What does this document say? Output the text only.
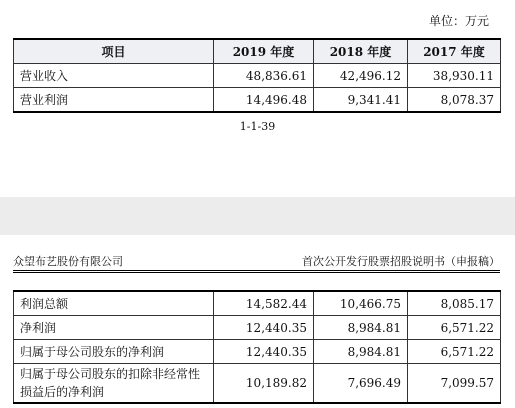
单位：万元
项目	2019 年度	2018 年度	2017 年度
营业收入	48,836.61	42,496.12	38,930.11
营业利润	14,496.48	9,341.41	8,078.37
1-1-39
众望布艺股份有限公司	首次公开发行股票招股说明书（申报稿）
利润总额	14,582.44	10,466.75	8,085.17
净利润	12,440.35	8,984.81	6,571.22
归属于母公司股东的净利润	12,440.35	8,984.81	6,571.22
归属于母公司股东的扣除非经常性损益后的净利润	10,189.82	7,696.49	7,099.57
